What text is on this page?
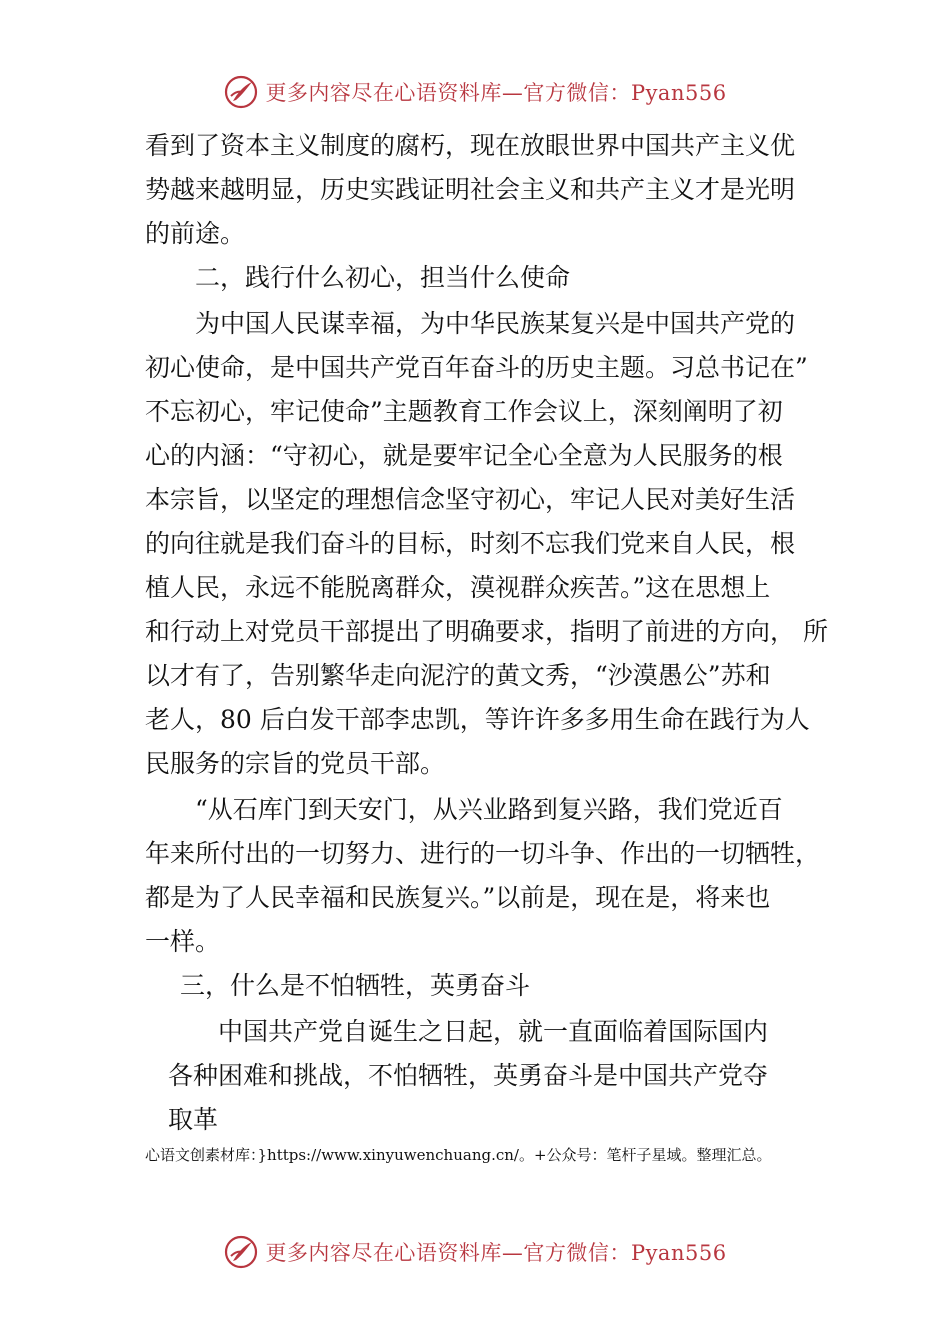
更多内容尽在心语资料库—官方微信：Pyan556
看到了资本主义制度的腐朽，现在放眼世界中国共产主义优
势越来越明显，历史实践证明社会主义和共产主义才是光明
的前途。
二，践行什么初心，担当什么使命
为中国人民谋幸福，为中华民族某复兴是中国共产党的
初心使命，是中国共产党百年奋斗的历史主题。习总书记在”
不忘初心，牢记使命”主题教育工作会议上，深刻阐明了初
心的内涵：“守初心，就是要牢记全心全意为人民服务的根
本宗旨，以坚定的理想信念坚守初心，牢记人民对美好生活
的向往就是我们奋斗的目标，时刻不忘我们党来自人民，根
植人民，永远不能脱离群众，漠视群众疾苦。”这在思想上
和行动上对党员干部提出了明确要求，指明了前进的方向， 所
以才有了，告别繁华走向泥泞的黄文秀，“沙漠愚公”苏和
老人，80 后白发干部李忠凯，等许许多多用生命在践行为人
民服务的宗旨的党员干部。
“从石库门到天安门，从兴业路到复兴路，我们党近百
年来所付出的一切努力、进行的一切斗争、作出的一切牺牲，
都是为了人民幸福和民族复兴。”以前是，现在是，将来也
一样。
三，什么是不怕牺牲，英勇奋斗
中国共产党自诞生之日起，就一直面临着国际国内
各种困难和挑战，不怕牺牲，英勇奋斗是中国共产党夺
取革
心语文创素材库：}https://www.xinyuwenchuang.cn/。+公众号：笔杆子星域。整理汇总。
更多内容尽在心语资料库—官方微信：Pyan556
